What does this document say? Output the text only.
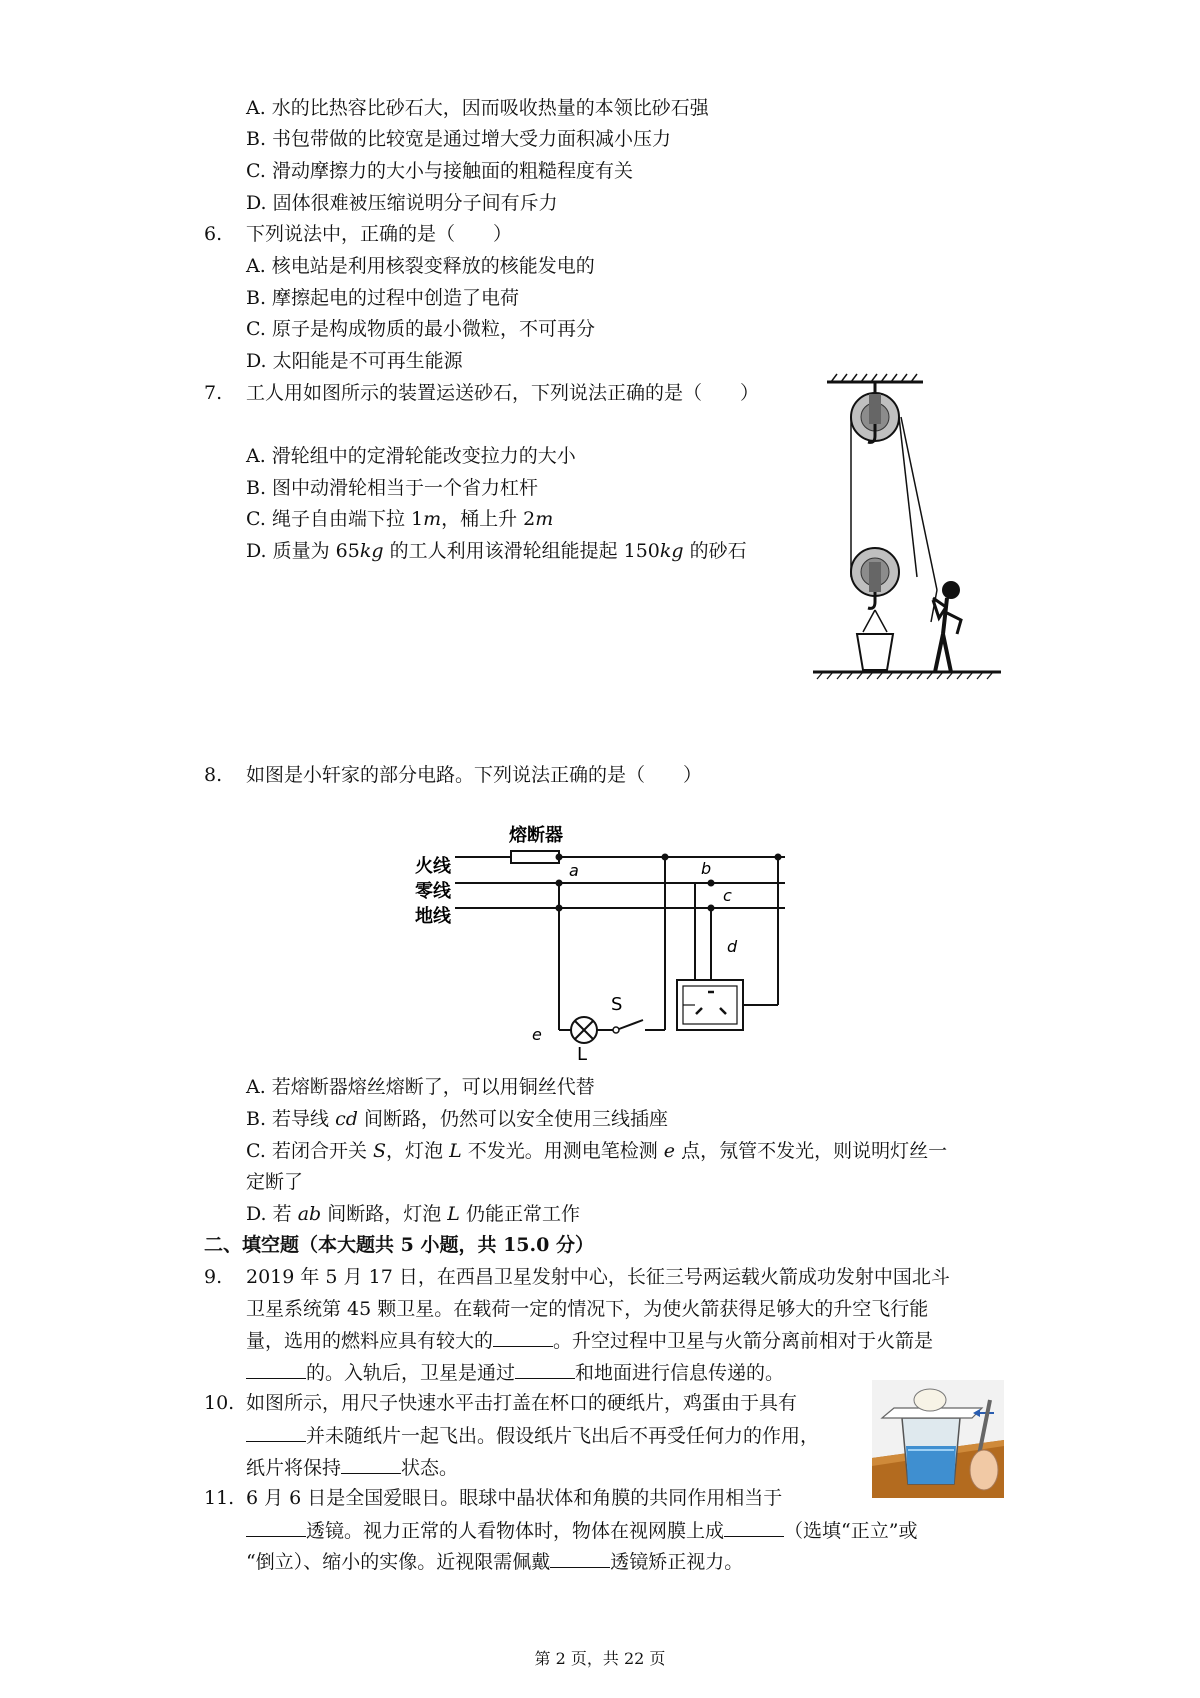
A. 水的比热容比砂石大，因而吸收热量的本领比砂石强
B. 书包带做的比较宽是通过增大受力面积减小压力
C. 滑动摩擦力的大小与接触面的粗糙程度有关
D. 固体很难被压缩说明分子间有斥力
6. 下列说法中，正确的是（　　）
A. 核电站是利用核裂变释放的核能发电的
B. 摩擦起电的过程中创造了电荷
C. 原子是构成物质的最小微粒，不可再分
D. 太阳能是不可再生能源
7. 工人用如图所示的装置运送砂石，下列说法正确的是（　　）
A. 滑轮组中的定滑轮能改变拉力的大小
B. 图中动滑轮相当于一个省力杠杆
C. 绳子自由端下拉 1m，桶上升 2m
D. 质量为 65kg 的工人利用该滑轮组能提起 150kg 的砂石
8. 如图是小轩家的部分电路。下列说法正确的是（　　）
熔断器
火线
零线
地线
a	b
c
d
e
L
S
A. 若熔断器熔丝熔断了，可以用铜丝代替
B. 若导线 cd 间断路，仍然可以安全使用三线插座
C. 若闭合开关 S，灯泡 L 不发光。用测电笔检测 e 点，氖管不发光，则说明灯丝一
定断了
D. 若 ab 间断路，灯泡 L 仍能正常工作
二、填空题（本大题共 5 小题，共 15.0 分）
9. 2019 年 5 月 17 日，在西昌卫星发射中心，长征三号两运载火箭成功发射中国北斗
卫星系统第 45 颗卫星。在载荷一定的情况下，为使火箭获得足够大的升空飞行能
量，选用的燃料应具有较大的	。升空过程中卫星与火箭分离前相对于火箭是
的。入轨后，卫星是通过	和地面进行信息传递的。
10. 如图所示，用尺子快速水平击打盖在杯口的硬纸片，鸡蛋由于具有
并未随纸片一起飞出。假设纸片飞出后不再受任何力的作用，
纸片将保持	状态。
11. 6 月 6 日是全国爱眼日。眼球中晶状体和角膜的共同作用相当于
透镜。视力正常的人看物体时，物体在视网膜上成	（选填“正立”或
“倒立）、缩小的实像。近视限需佩戴	透镜矫正视力。
第 2 页，共 22 页
